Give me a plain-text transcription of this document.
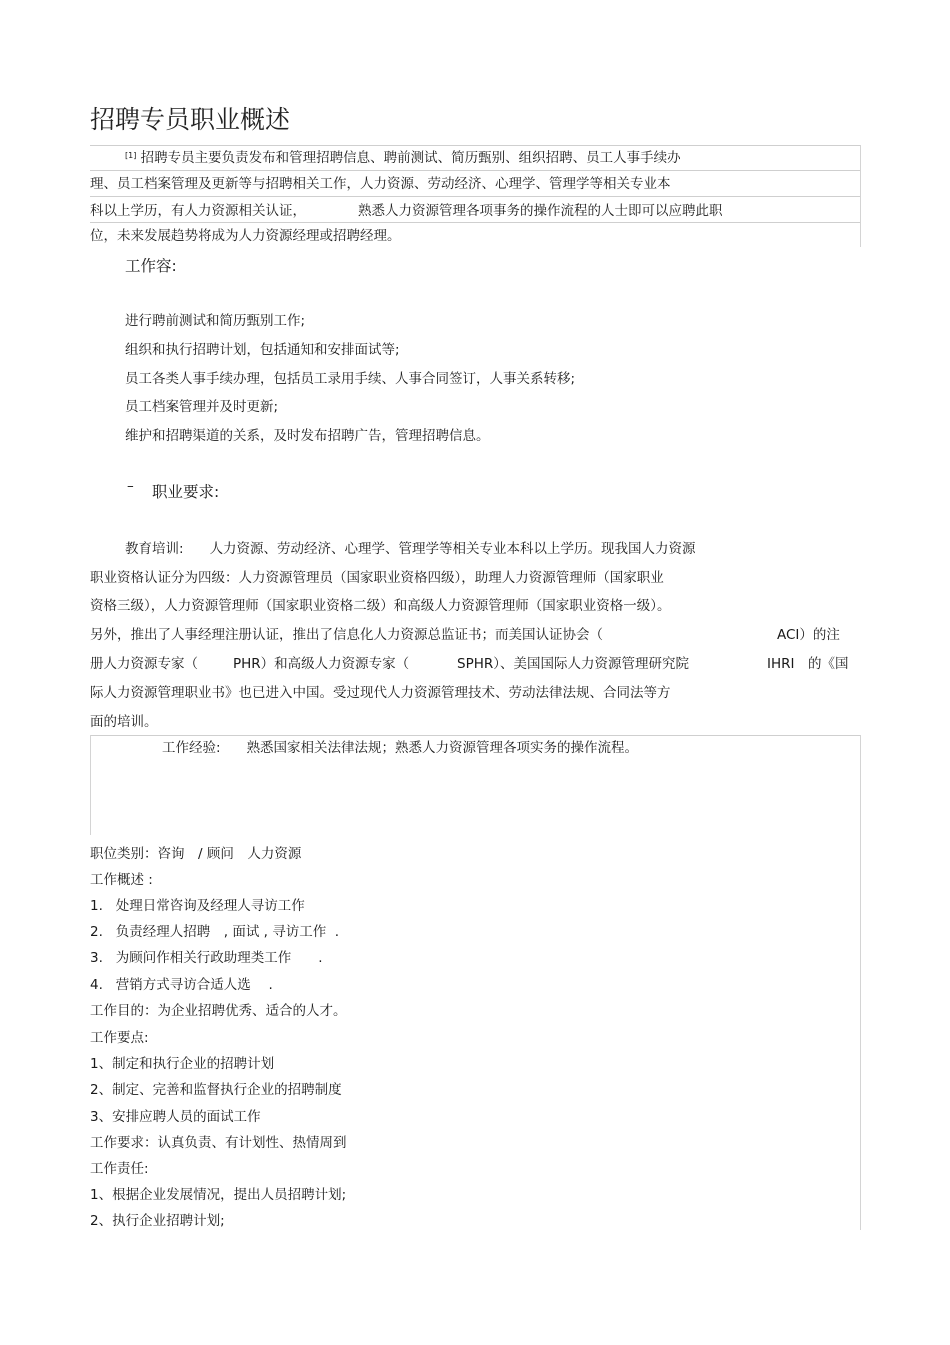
招聘专员职业概述
[1] 招聘专员主要负责发布和管理招聘信息、聘前测试、简历甄别、组织招聘、员工人事手续办
理、员工档案管理及更新等与招聘相关工作，人力资源、劳动经济、心理学、管理学等相关专业本
科以上学历，有人力资源相关认证，	熟悉人力资源管理各项事务的操作流程的人士即可以应聘此职
位，未来发展趋势将成为人力资源经理或招聘经理。
工作容:
进行聘前测试和简历甄别工作;
组织和执行招聘计划，包括通知和安排面试等;
员工各类人事手续办理，包括员工录用手续、人事合同签订，人事关系转移;
员工档案管理并及时更新;
维护和招聘渠道的关系，及时发布招聘广告，管理招聘信息。
– 职业要求:
教育培训: 人力资源、劳动经济、心理学、管理学等相关专业本科以上学历。现我国人力资源
职业资格认证分为四级：人力资源管理员（国家职业资格四级），助理人力资源管理师（国家职业
资格三级），人力资源管理师（国家职业资格二级）和高级人力资源管理师（国家职业资格一级）。
另外，推出了人事经理注册认证，推出了信息化人力资源总监证书；而美国认证协会（	ACI）的注
册人力资源专家（	PHR）和高级人力资源专家（	SPHR）、美国国际人力资源管理研究院	IHRI 的《国
际人力资源管理职业书》也已进入中国。受过现代人力资源管理技术、劳动法律法规、合同法等方
面的培训。
工作经验: 熟悉国家相关法律法规；熟悉人力资源管理各项实务的操作流程。
职位类别：咨询　/ 顾问　人力资源
工作概述 :
1.   处理日常咨询及经理人寻访工作
2.   负责经理人招聘　, 面试 , 寻访工作  .
3.   为顾问作相关行政助理类工作　　.
4.   营销方式寻访合适人选　 .
工作目的：为企业招聘优秀、适合的人才。
工作要点:
1、制定和执行企业的招聘计划
2、制定、完善和监督执行企业的招聘制度
3、安排应聘人员的面试工作
工作要求：认真负责、有计划性、热情周到
工作责任:
1、根据企业发展情况，提出人员招聘计划;
2、执行企业招聘计划;
